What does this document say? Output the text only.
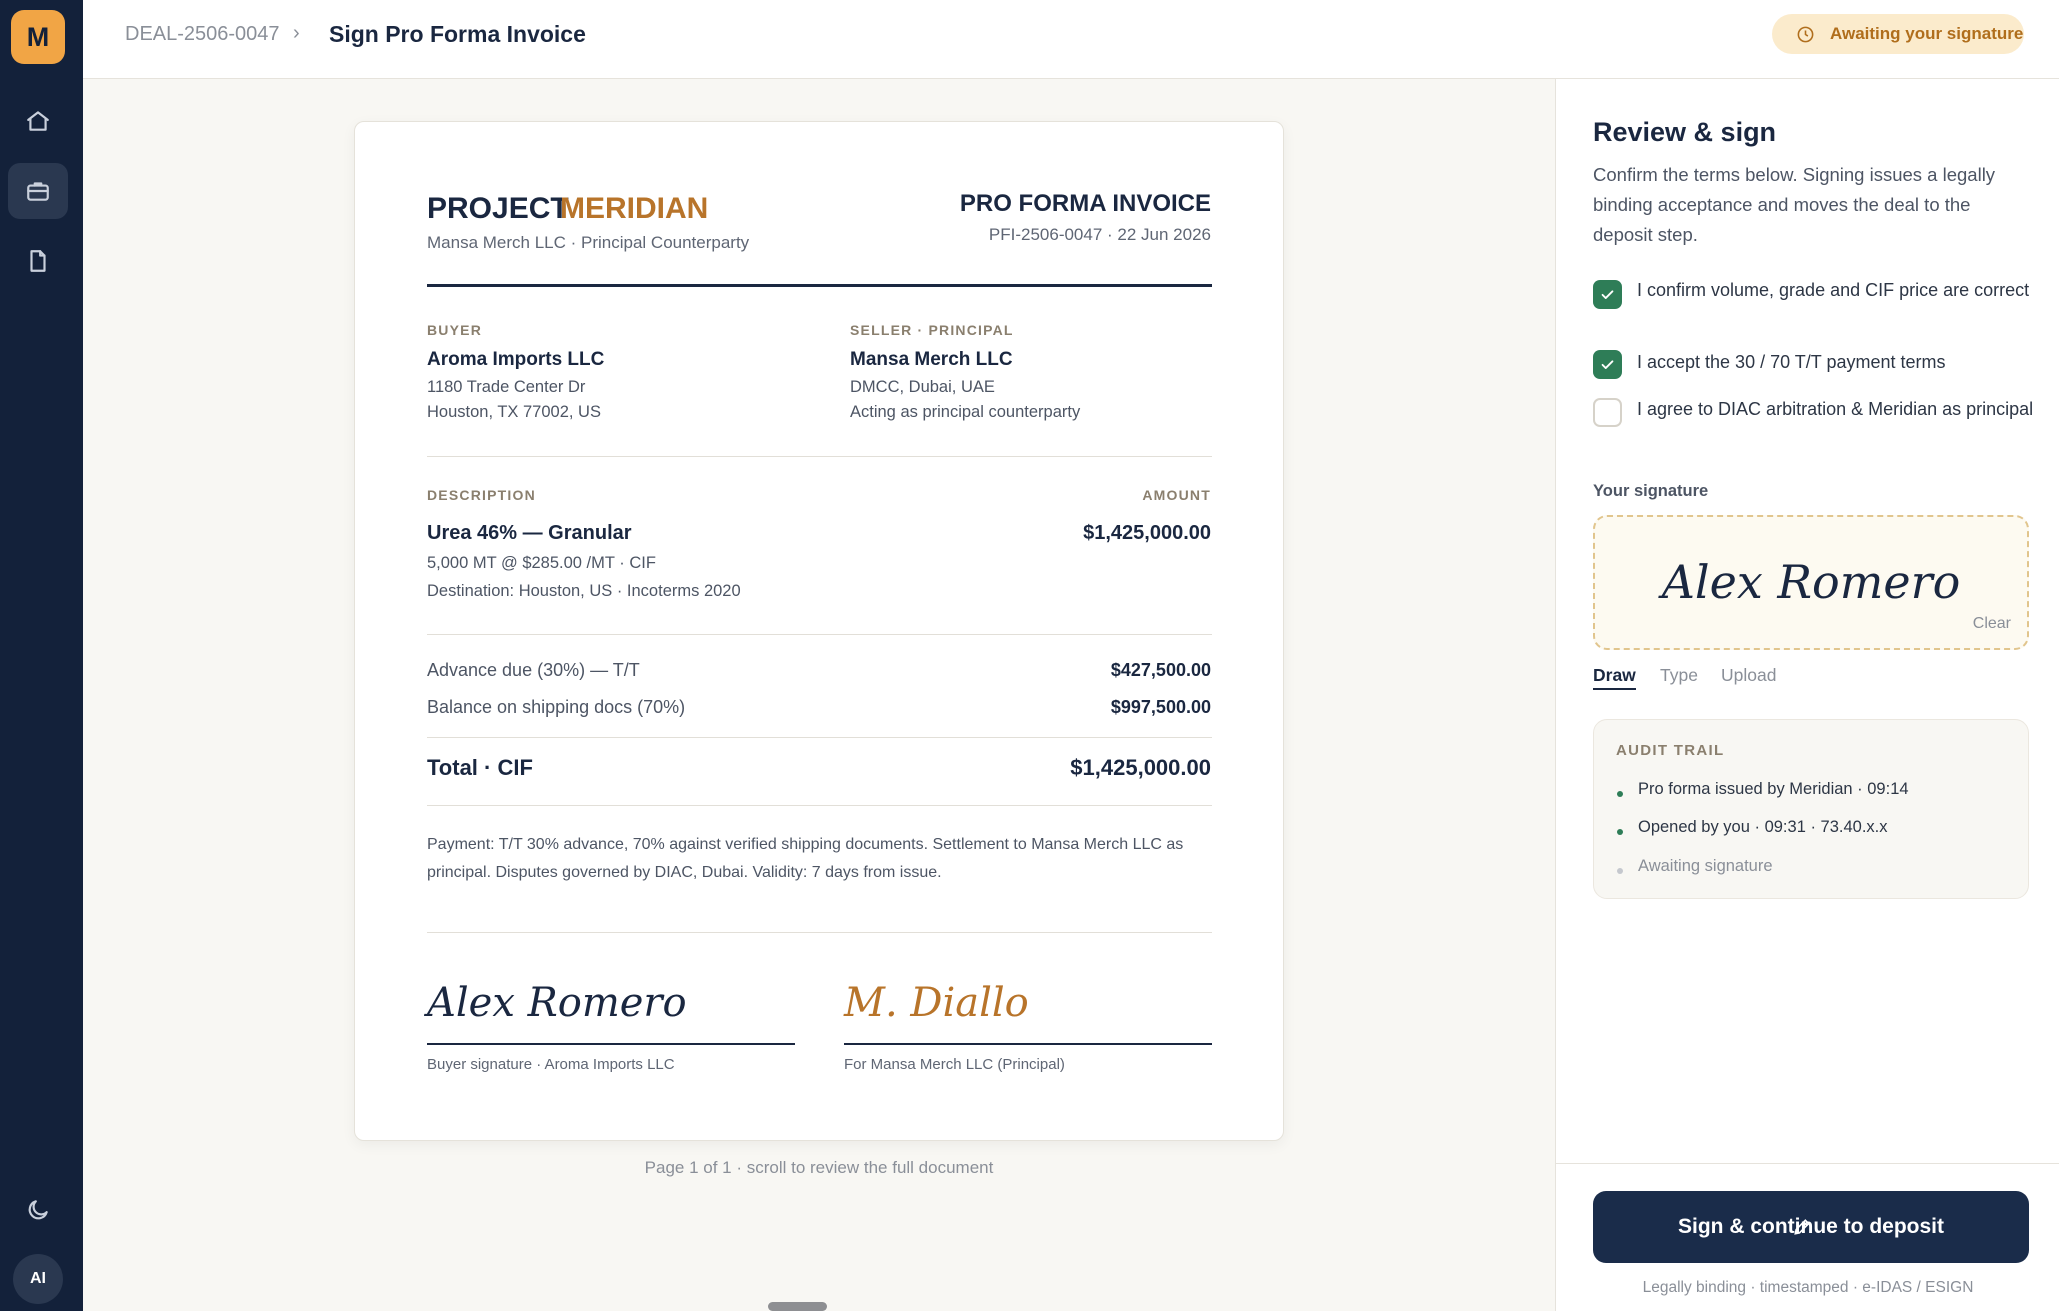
M
AI
DEAL-2506-0047 › Sign Pro Forma Invoice	Awaiting your signature
PROJECT
MERIDIAN
Mansa Merch LLC · Principal Counterparty
PRO FORMA INVOICE
PFI-2506-0047 · 22 Jun 2026
BUYER
Aroma Imports LLC
1180 Trade Center Dr
Houston, TX 77002, US
SELLER · PRINCIPAL
Mansa Merch LLC
DMCC, Dubai, UAE
Acting as principal counterparty
DESCRIPTION	AMOUNT
Urea 46% — Granular
5,000 MT @ $285.00 /MT · CIF
Destination: Houston, US · Incoterms 2020
$1,425,000.00
Advance due (30%) — T/T	$427,500.00
Balance on shipping docs (70%)	$997,500.00
Total · CIF	$1,425,000.00
Payment: T/T 30% advance, 70% against verified shipping documents. Settlement to Mansa Merch LLC as principal. Disputes governed by DIAC, Dubai. Validity: 7 days from issue.
Alex Romero
Buyer signature · Aroma Imports LLC
M. Diallo
For Mansa Merch LLC (Principal)
Page 1 of 1 · scroll to review the full document
Review & sign
Confirm the terms below. Signing issues a legally binding acceptance and moves the deal to the deposit step.
I confirm volume, grade and CIF price are correct
I accept the 30 / 70 T/T payment terms
I agree to DIAC arbitration & Meridian as principal
Your signature
Alex Romero
Clear
Draw Type Upload
AUDIT TRAIL
Pro forma issued by Meridian · 09:14
Opened by you · 09:31 · 73.40.x.x
Awaiting signature
Sign & continue to deposit
Legally binding · timestamped · e-IDAS / ESIGN
